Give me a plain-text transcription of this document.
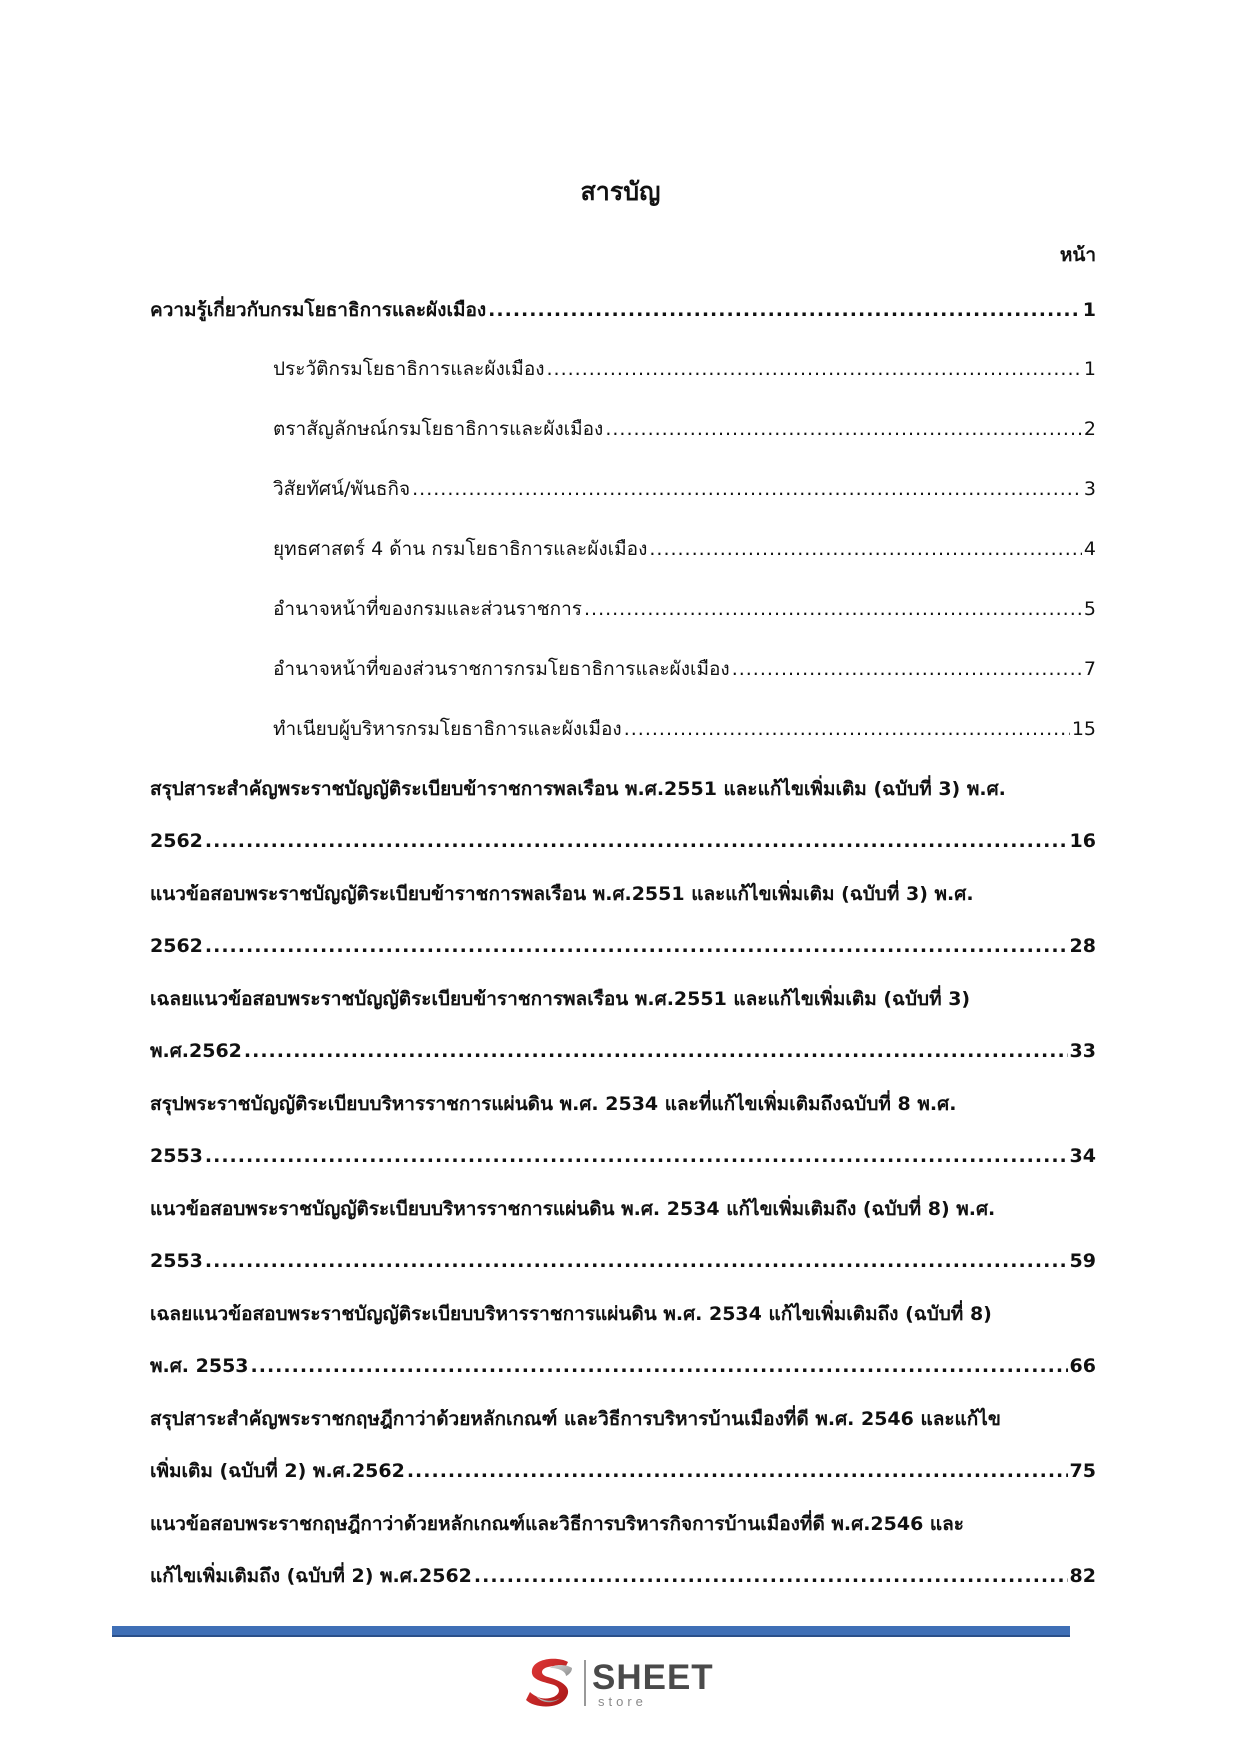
สารบัญ
หน้า
ความรู้เกี่ยวกับกรมโยธาธิการและผังเมือง .....	1
ประวัติกรมโยธาธิการและผังเมือง .....	1
ตราสัญลักษณ์กรมโยธาธิการและผังเมือง .....	2
วิสัยทัศน์/พันธกิจ .....	3
ยุทธศาสตร์ 4 ด้าน กรมโยธาธิการและผังเมือง .....	4
อำนาจหน้าที่ของกรมและส่วนราชการ .....	5
อำนาจหน้าที่ของส่วนราชการกรมโยธาธิการและผังเมือง .....	7
ทำเนียบผู้บริหารกรมโยธาธิการและผังเมือง .....	15
สรุปสาระสำคัญพระราชบัญญัติระเบียบข้าราชการพลเรือน พ.ศ.2551 และแก้ไขเพิ่มเติม (ฉบับที่ 3) พ.ศ.
2562 .....	16
แนวข้อสอบพระราชบัญญัติระเบียบข้าราชการพลเรือน พ.ศ.2551 และแก้ไขเพิ่มเติม (ฉบับที่ 3) พ.ศ.
2562 .....	28
เฉลยแนวข้อสอบพระราชบัญญัติระเบียบข้าราชการพลเรือน พ.ศ.2551 และแก้ไขเพิ่มเติม (ฉบับที่ 3)
พ.ศ.2562 .....	33
สรุปพระราชบัญญัติระเบียบบริหารราชการแผ่นดิน พ.ศ. 2534 และที่แก้ไขเพิ่มเติมถึงฉบับที่ 8 พ.ศ.
2553 .....	34
แนวข้อสอบพระราชบัญญัติระเบียบบริหารราชการแผ่นดิน พ.ศ. 2534 แก้ไขเพิ่มเติมถึง (ฉบับที่ 8) พ.ศ.
2553 .....	59
เฉลยแนวข้อสอบพระราชบัญญัติระเบียบบริหารราชการแผ่นดิน พ.ศ. 2534 แก้ไขเพิ่มเติมถึง (ฉบับที่ 8)
พ.ศ. 2553 .....	66
สรุปสาระสำคัญพระราชกฤษฎีกาว่าด้วยหลักเกณฑ์ และวิธีการบริหารบ้านเมืองที่ดี พ.ศ. 2546 และแก้ไข
เพิ่มเติม (ฉบับที่ 2) พ.ศ.2562 .....	75
แนวข้อสอบพระราชกฤษฎีกาว่าด้วยหลักเกณฑ์และวิธีการบริหารกิจการบ้านเมืองที่ดี พ.ศ.2546 และ
แก้ไขเพิ่มเติมถึง (ฉบับที่ 2) พ.ศ.2562 .....	82
SHEET
store
